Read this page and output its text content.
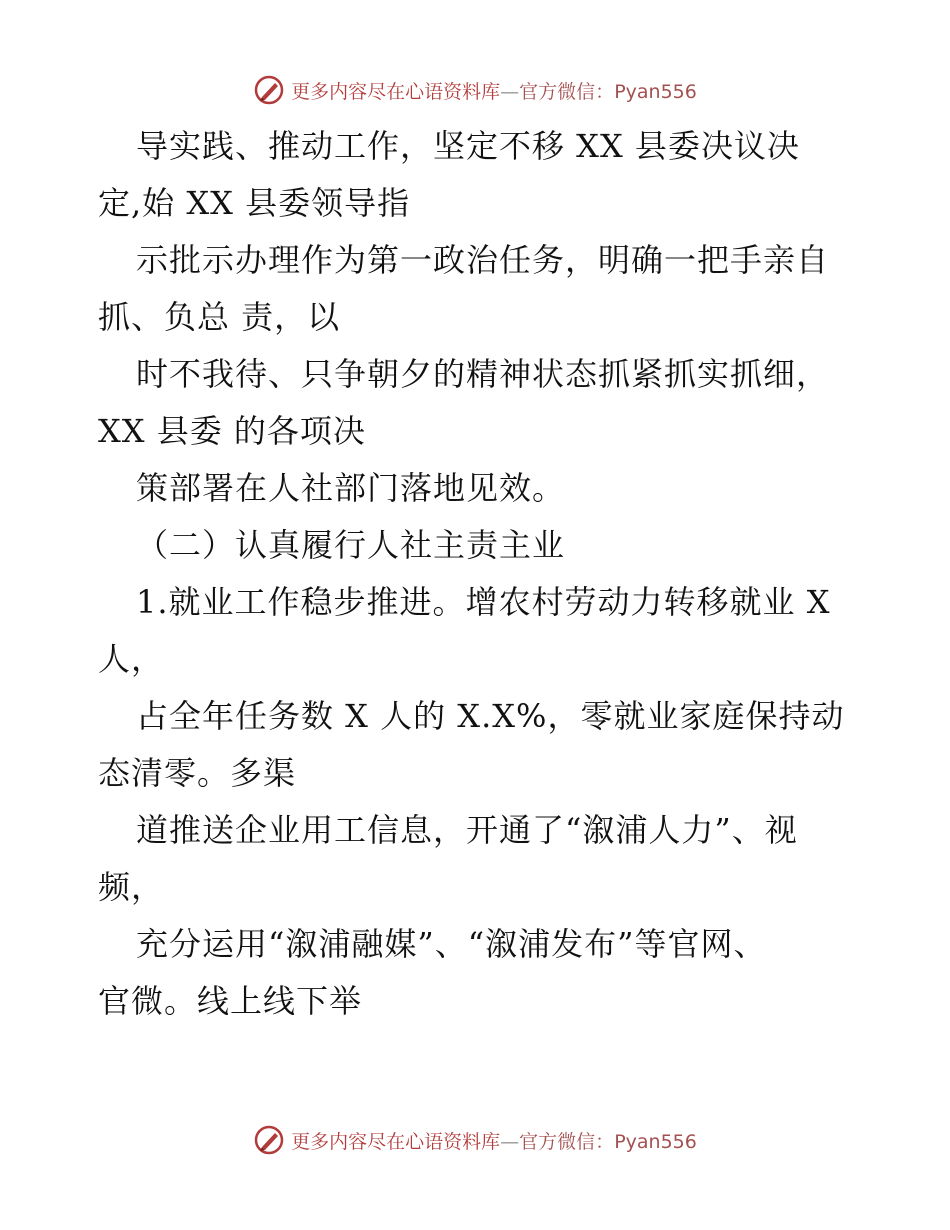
更多内容尽在心语资料库—官方微信：Pyan556
导实践、推动工作，坚定不移 XX 县委决议决
定,始 XX 县委领导指
示批示办理作为第一政治任务，明确一把手亲自
抓、负总 责，以
时不我待、只争朝夕的精神状态抓紧抓实抓细，
XX 县委 的各项决
策部署在人社部门落地见效。
（二）认真履行人社主责主业
1.就业工作稳步推进。增农村劳动力转移就业 X
人，
占全年任务数 X 人的 X.X%，零就业家庭保持动
态清零。多渠
道推送企业用工信息，开通了“溆浦人力”、视
频，
充分运用“溆浦融媒”、“溆浦发布”等官网、
官微。线上线下举
更多内容尽在心语资料库—官方微信：Pyan556
